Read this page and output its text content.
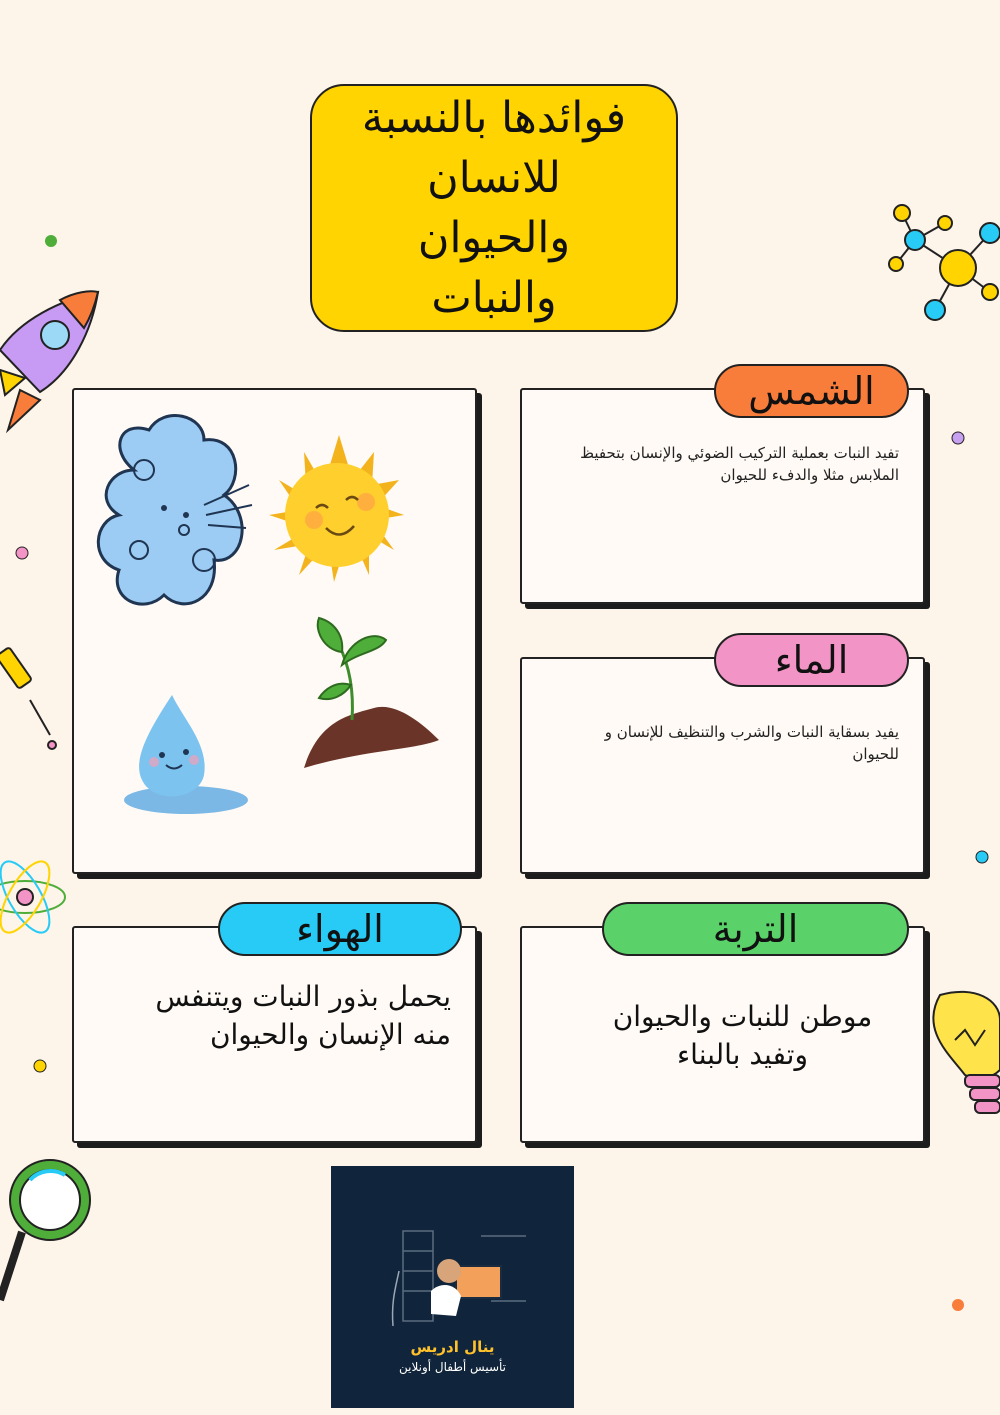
فوائدها بالنسبة
للانسان
والحيوان
والنبات
تفيد النبات بعملية التركيب الضوئي والإنسان بتحفيظ الملابس مثلا والدفء للحيوان
الشمس
يفيد بسقاية النبات والشرب والتنظيف للإنسان و للحيوان
الماء
يحمل بذور النبات ويتنفس منه الإنسان والحيوان
الهواء
موطن للنبات والحيوان وتفيد بالبناء
التربة
ينال ادريس
تأسيس أطفال أونلاين
